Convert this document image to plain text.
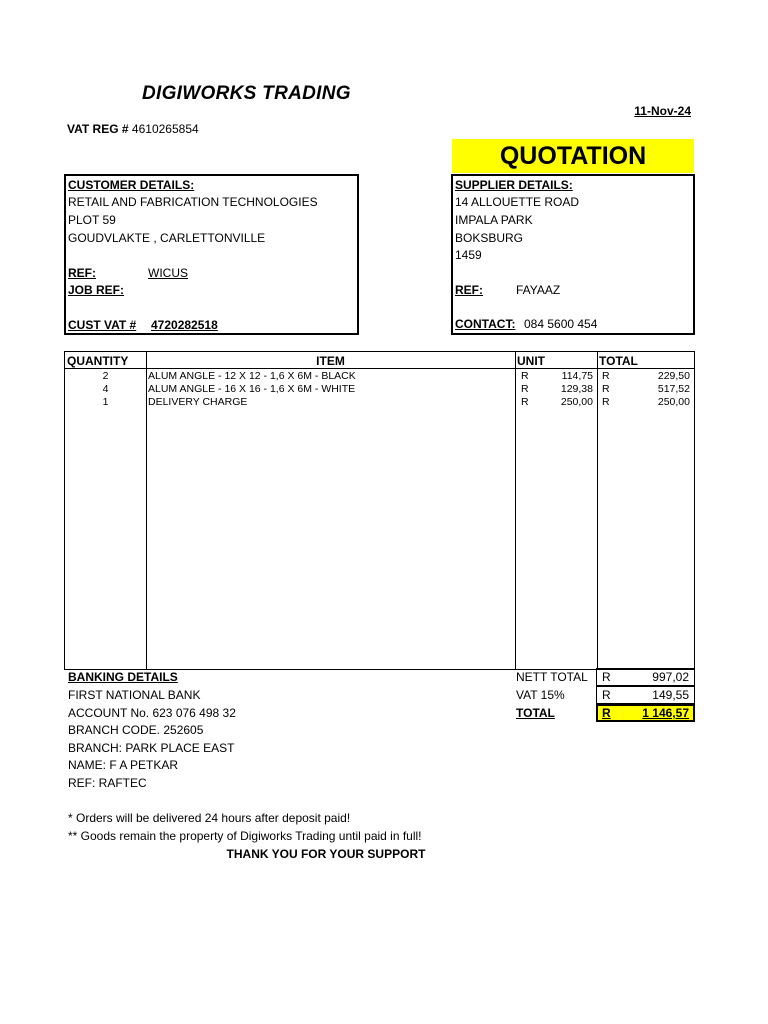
DIGIWORKS TRADING
11-Nov-24
VAT REG # 4610265854
QUOTATION
CUSTOMER DETAILS:
RETAIL AND FABRICATION TECHNOLOGIES
PLOT 59
GOUDVLAKTE , CARLETTONVILLE
REF:	WICUS
JOB REF:
CUST VAT # 4720282518
SUPPLIER DETAILS:
14 ALLOUETTE ROAD
IMPALA PARK
BOKSBURG
1459
REF:	FAYAAZ
CONTACT: 084 5600 454
QUANTITY	ITEM	UNIT	TOTAL
2	ALUM ANGLE - 12 X 12 - 1,6 X 6M - BLACK	R	114,75 R	229,50
4	ALUM ANGLE - 16 X 16 - 1,6 X 6M - WHITE	R	129,38 R	517,52
1	DELIVERY CHARGE	R	250,00 R	250,00
BANKING DETAILS
FIRST NATIONAL BANK
ACCOUNT No. 623 076 498 32
BRANCH CODE. 252605
BRANCH: PARK PLACE EAST
NAME: F A PETKAR
REF: RAFTEC
NETT TOTAL R	997,02
VAT 15%	R	149,55
TOTAL	R	1 146,57
* Orders will be delivered 24 hours after deposit paid!
** Goods remain the property of Digiworks Trading until paid in full!
THANK YOU FOR YOUR SUPPORT
